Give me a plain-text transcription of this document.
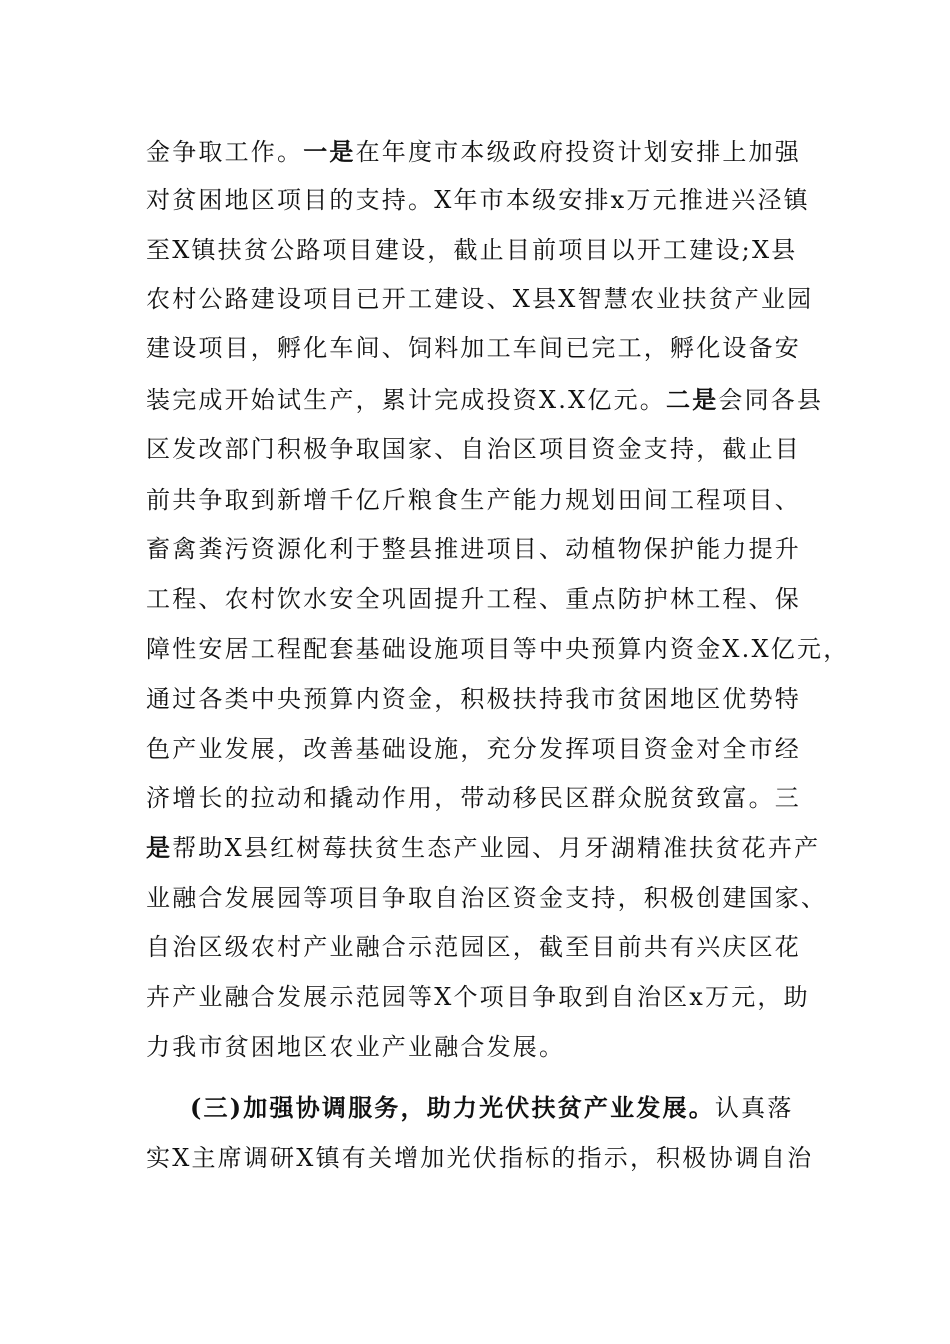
金争取工作。一是在年度市本级政府投资计划安排上加强
对贫困地区项目的支持。X年市本级安排x万元推进兴泾镇
至X镇扶贫公路项目建设，截止目前项目以开工建设;X县
农村公路建设项目已开工建设、X县X智慧农业扶贫产业园
建设项目，孵化车间、饲料加工车间已完工，孵化设备安
装完成开始试生产，累计完成投资X.X亿元。二是会同各县
区发改部门积极争取国家、自治区项目资金支持，截止目
前共争取到新增千亿斤粮食生产能力规划田间工程项目、
畜禽粪污资源化利于整县推进项目、动植物保护能力提升
工程、农村饮水安全巩固提升工程、重点防护林工程、保
障性安居工程配套基础设施项目等中央预算内资金X.X亿元，
通过各类中央预算内资金，积极扶持我市贫困地区优势特
色产业发展，改善基础设施，充分发挥项目资金对全市经
济增长的拉动和撬动作用，带动移民区群众脱贫致富。三
是帮助X县红树莓扶贫生态产业园、月牙湖精准扶贫花卉产
业融合发展园等项目争取自治区资金支持，积极创建国家、
自治区级农村产业融合示范园区，截至目前共有兴庆区花
卉产业融合发展示范园等X个项目争取到自治区x万元，助
力我市贫困地区农业产业融合发展。
(三)加强协调服务，助力光伏扶贫产业发展。认真落
实X主席调研X镇有关增加光伏指标的指示，积极协调自治
